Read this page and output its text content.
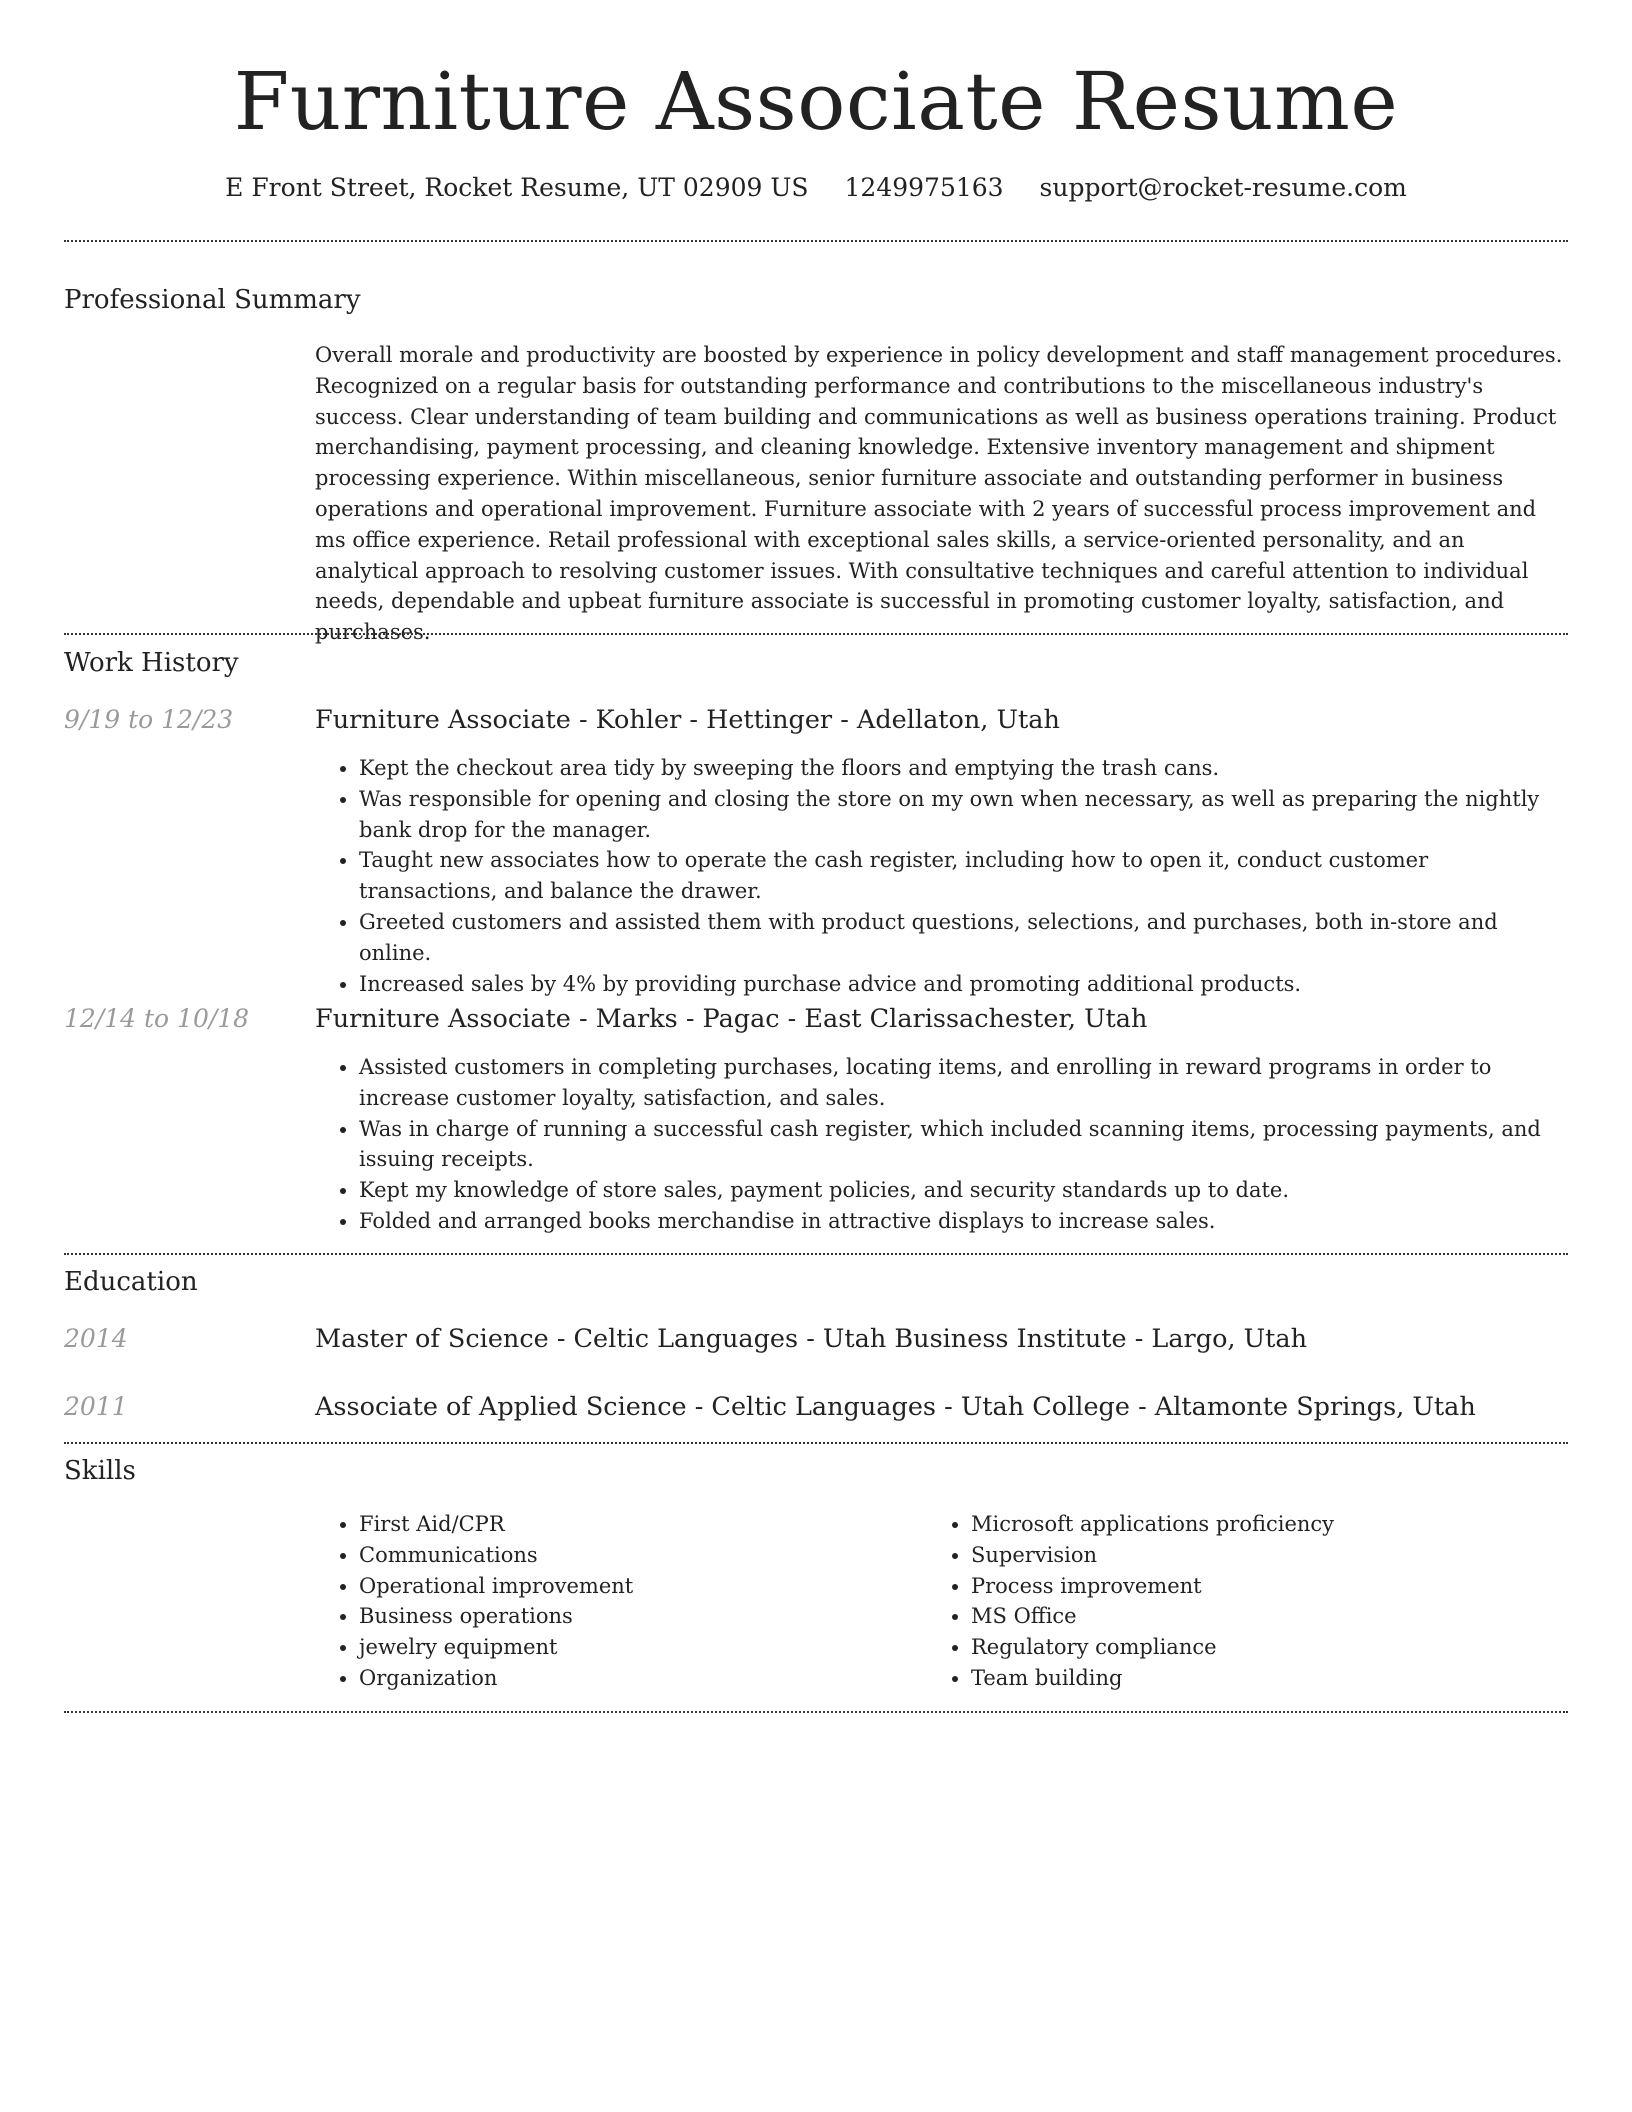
Furniture Associate Resume
E Front Street, Rocket Resume, UT 02909 US 1249975163 support@rocket-resume.com
Professional Summary
Overall morale and productivity are boosted by experience in policy development and staff management procedures. Recognized on a regular basis for outstanding performance and contributions to the miscellaneous industry's success. Clear understanding of team building and communications as well as business operations training. Product merchandising, payment processing, and cleaning knowledge. Extensive inventory management and shipment processing experience. Within miscellaneous, senior furniture associate and outstanding performer in business operations and operational improvement. Furniture associate with 2 years of successful process improvement and ms office experience. Retail professional with exceptional sales skills, a service-oriented personality, and an analytical approach to resolving customer issues. With consultative techniques and careful attention to individual needs, dependable and upbeat furniture associate is successful in promoting customer loyalty, satisfaction, and purchases.
Work History
9/19 to 12/23	Furniture Associate - Kohler - Hettinger - Adellaton, Utah
• Kept the checkout area tidy by sweeping the floors and emptying the trash cans.
• Was responsible for opening and closing the store on my own when necessary, as well as preparing the nightly bank drop for the manager.
• Taught new associates how to operate the cash register, including how to open it, conduct customer transactions, and balance the drawer.
• Greeted customers and assisted them with product questions, selections, and purchases, both in-store and online.
• Increased sales by 4% by providing purchase advice and promoting additional products.
12/14 to 10/18	Furniture Associate - Marks - Pagac - East Clarissachester, Utah
• Assisted customers in completing purchases, locating items, and enrolling in reward programs in order to increase customer loyalty, satisfaction, and sales.
• Was in charge of running a successful cash register, which included scanning items, processing payments, and issuing receipts.
• Kept my knowledge of store sales, payment policies, and security standards up to date.
• Folded and arranged books merchandise in attractive displays to increase sales.
Education
2014	Master of Science - Celtic Languages - Utah Business Institute - Largo, Utah
2011	Associate of Applied Science - Celtic Languages - Utah College - Altamonte Springs, Utah
Skills
• First Aid/CPR
• Communications
• Operational improvement
• Business operations
• jewelry equipment
• Organization
• Microsoft applications proficiency
• Supervision
• Process improvement
• MS Office
• Regulatory compliance
• Team building
